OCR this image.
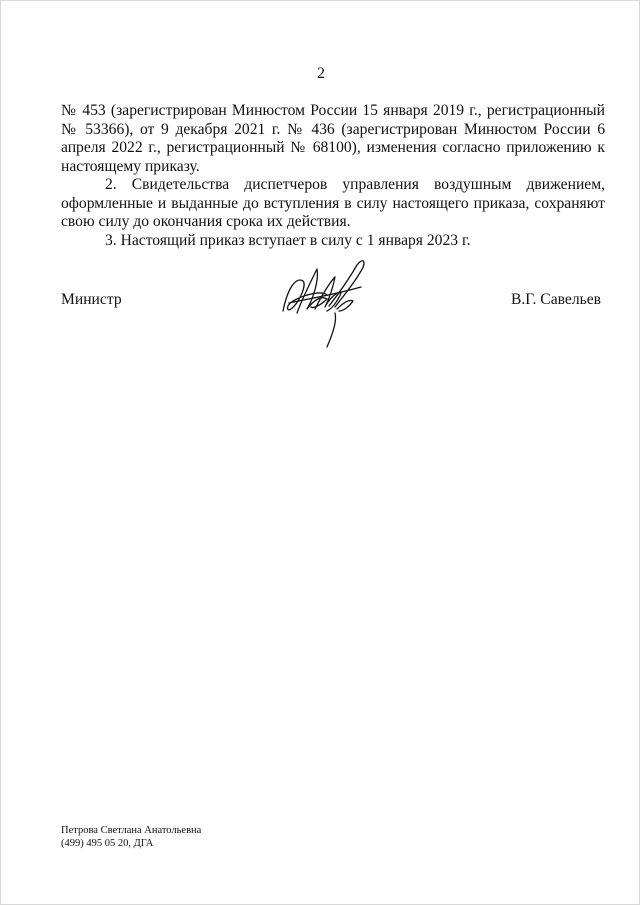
2

№ 453 (зарегистрирован Минюстом России 15 января 2019 г., регистрационный № 53366), от 9 декабря 2021 г. № 436 (зарегистрирован Минюстом России 6 апреля 2022 г., регистрационный № 68100), изменения согласно приложению к настоящему приказу.

2. Свидетельства диспетчеров управления воздушным движением, оформленные и выданные до вступления в силу настоящего приказа, сохраняют свою силу до окончания срока их действия.

3. Настоящий приказ вступает в силу с 1 января 2023 г.

Министр	В.Г. Савельев
Петрова Светлана Анатольевна
(499) 495 05 20, ДГА
